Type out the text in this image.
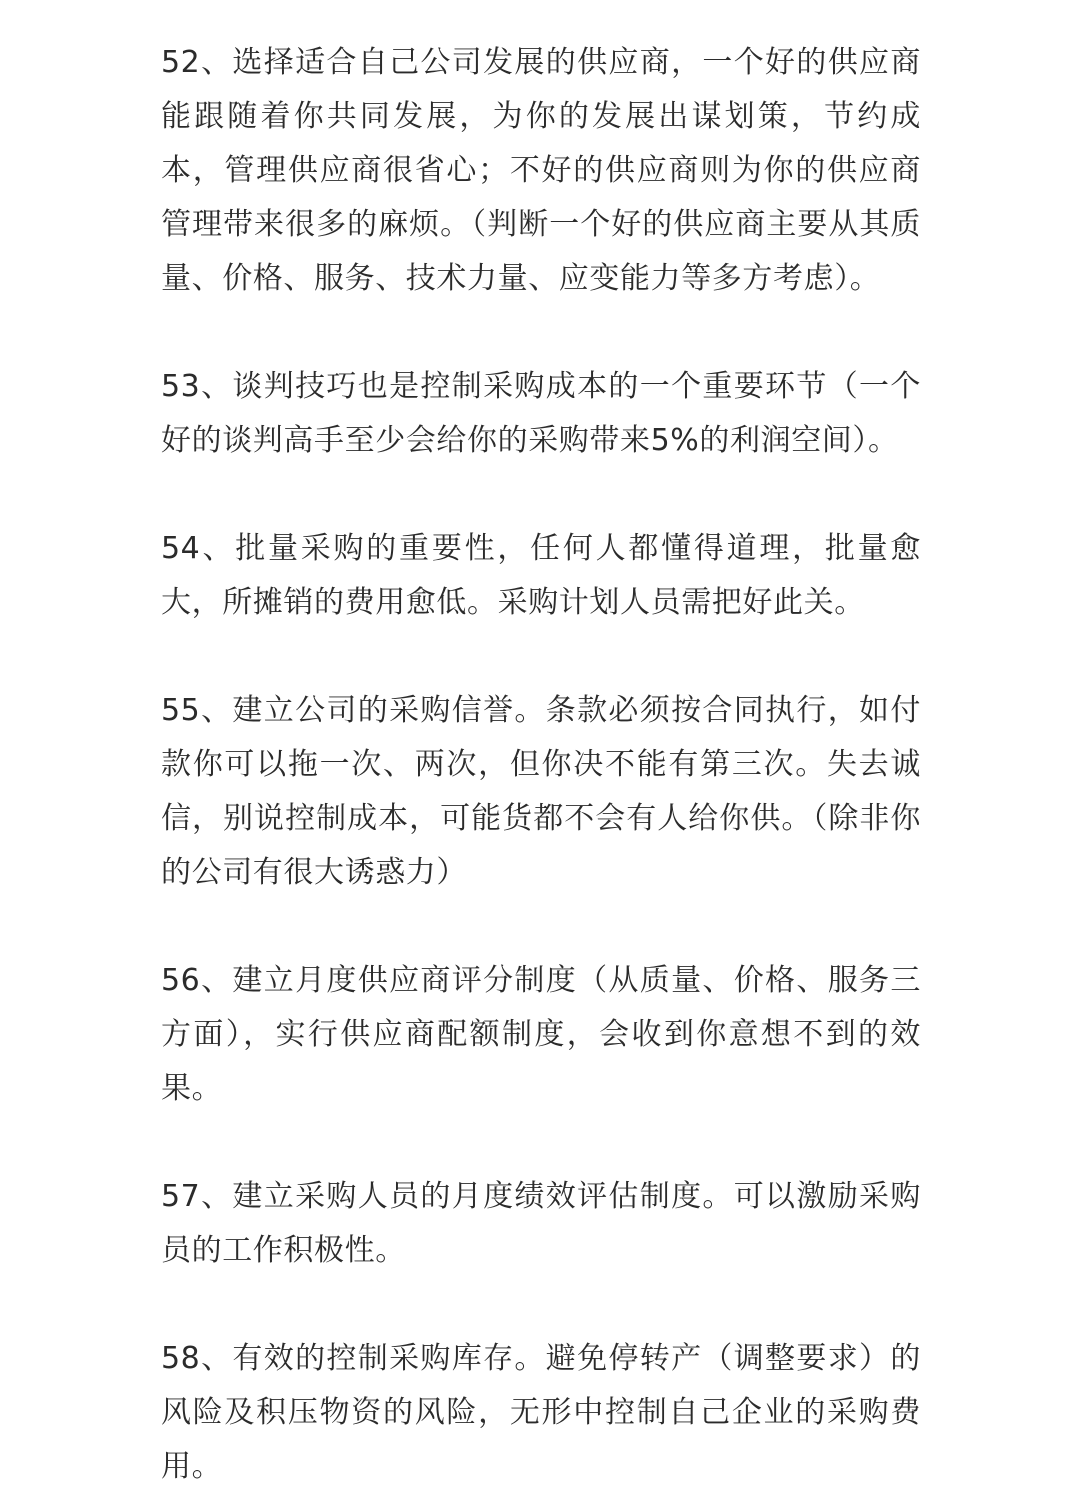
52、选择适合自己公司发展的供应商，一个好的供应商能跟随着你共同发展，为你的发展出谋划策，节约成本，管理供应商很省心；不好的供应商则为你的供应商管理带来很多的麻烦。（判断一个好的供应商主要从其质量、价格、服务、技术力量、应变能力等多方考虑）。

53、谈判技巧也是控制采购成本的一个重要环节（一个好的谈判高手至少会给你的采购带来5%的利润空间）。

54、批量采购的重要性，任何人都懂得道理，批量愈大，所摊销的费用愈低。采购计划人员需把好此关。

55、建立公司的采购信誉。条款必须按合同执行，如付款你可以拖一次、两次，但你决不能有第三次。失去诚信，别说控制成本，可能货都不会有人给你供。（除非你的公司有很大诱惑力）

56、建立月度供应商评分制度（从质量、价格、服务三方面），实行供应商配额制度，会收到你意想不到的效果。

57、建立采购人员的月度绩效评估制度。可以激励采购员的工作积极性。

58、有效的控制采购库存。避免停转产（调整要求）的风险及积压物资的风险，无形中控制自己企业的采购费用。
